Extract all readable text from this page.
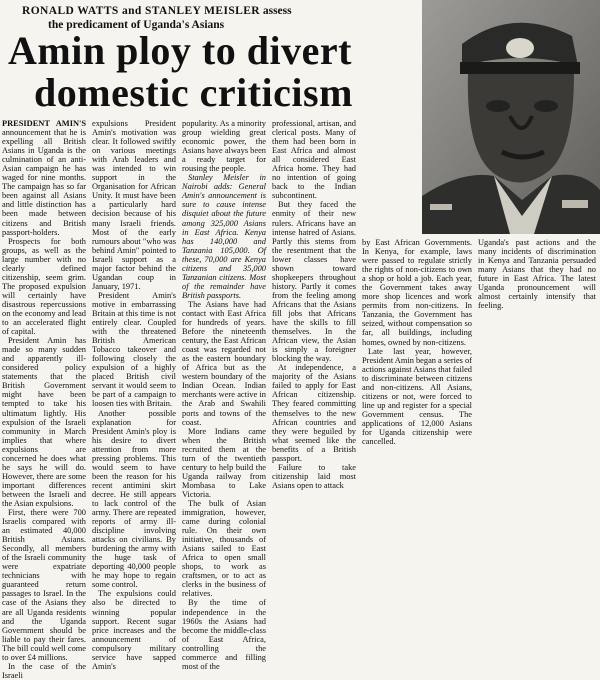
RONALD WATTS and STANLEY MEISLER assess
the predicament of Uganda's Asians
Amin ploy to divert
domestic criticism

PRESIDENT AMIN'S announcement that he is expelling all British Asians in Uganda is the culmination of an anti-Asian campaign he has waged for nine months. The campaign has so far been against all Asians and little distinction has been made between citizens and British passport-holders.

Prospects for both groups, as well as the large number with no clearly defined citizenship, seem grim. The proposed expulsion will certainly have disastrous repercussions on the economy and lead to an accelerated flight of capital.

President Amin has made so many sudden and apparently ill-considered policy statements that the British Government might have been tempted to take his ultimatum lightly. His expulsion of the Israeli community in March implies that where expulsions are concerned he does what he says he will do. However, there are some important differences between the Israeli and the Asian expulsions.

First, there were 700 Israelis compared with an estimated 40,000 British Asians. Secondly, all members of the Israeli community were expatriate technicians with guaranteed return passages to Israel. In the case of the Asians they are all Uganda residents and the Uganda Government should be liable to pay their fares. The bill could well come to over £4 millions.

In the case of the Israeli

expulsions President Amin's motivation was clear. It followed swiftly on various meetings with Arab leaders and was intended to win support in the Organisation for African Unity. It must have been a particularly hard decision because of his many Israeli friends. Most of the early rumours about "who was behind Amin" pointed to Israeli support as a major factor behind the Ugandan coup in January, 1971.

President Amin's motive in embarrassing Britain at this time is not entirely clear. Coupled with the threatened British American Tobacco takeover and following closely the expulsion of a highly placed British civil servant it would seem to be part of a campaign to loosen ties with Britain.

Another possible explanation for President Amin's ploy is his desire to divert attention from more pressing problems. This would seem to have been the reason for his recent antimini skirt decree. He still appears to lack control of the army. There are repeated reports of army ill-discipline involving attacks on civilians. By burdening the army with the huge task of deporting 40,000 people he may hope to regain some control.

The expulsions could also be directed to winning popular support. Recent sugar price increases and the announcement of compulsory military service have sapped Amin's

popularity. As a minority group wielding great economic power, the Asians have always been a ready target for rousing the people.

Stanley Meisler in Nairobi adds: General Amin's announcement is sure to cause intense disquiet about the future among 325,000 Asians in East Africa. Kenya has 140,000 and Tanzania 105,000. Of these, 70,000 are Kenya citizens and 35,000 Tanzanian citizens. Most of the remainder have British passports.

The Asians have had contact with East Africa for hundreds of years. Before the nineteenth century, the East African coast was regarded not as the eastern boundary of Africa but as the western boundary of the Indian Ocean. Indian merchants were active in the Arab and Swahili ports and towns of the coast.

More Indians came when the British recruited them at the turn of the twentieth century to help build the Uganda railway from Mombasa to Lake Victoria.

The bulk of Asian immigration, however, came during colonial rule. On their own initiative, thousands of Asians sailed to East Africa to open small shops, to work as craftsmen, or to act as clerks in the business of relatives.

By the time of independence in the 1960s the Asians had become the middle-class of East Africa, controlling the commerce and filling most of the

professional, artisan, and clerical posts. Many of them had been born in East Africa and almost all considered East Africa home. They had no intention of going back to the Indian subcontinent.

But they faced the enmity of their new rulers. Africans have an intense hatred of Asians. Partly this stems from the resentment that the lower classes have shown toward shopkeepers throughout history. Partly it comes from the feeling among Africans that the Asians fill jobs that Africans have the skills to fill themselves. In the African view, the Asian is simply a foreigner blocking the way.

At independence, a majority of the Asians failed to apply for East African citizenship. They feared committing themselves to the new African countries and they were beguiled by what seemed like the benefits of a British passport.

Failure to take citizenship laid most Asians open to attack

by East African Governments. In Kenya, for example, laws were passed to regulate strictly the rights of non-citizens to own a shop or hold a job. Each year, the Government takes away more shop licences and work permits from non-citizens. In Tanzania, the Government has seized, without compensation so far, all buildings, including homes, owned by non-citizens.

Late last year, however, President Amin began a series of actions against Asians that failed to discriminate between citizens and non-citizens. All Asians, citizens or not, were forced to line up and register for a special Government census. The applications of 12,000 Asians for Uganda citizenship were cancelled.

Uganda's past actions and the many incidents of discrimination in Kenya and Tanzania persuaded many Asians that they had no future in East Africa. The latest Uganda pronouncement will almost certainly intensify that feeling.
